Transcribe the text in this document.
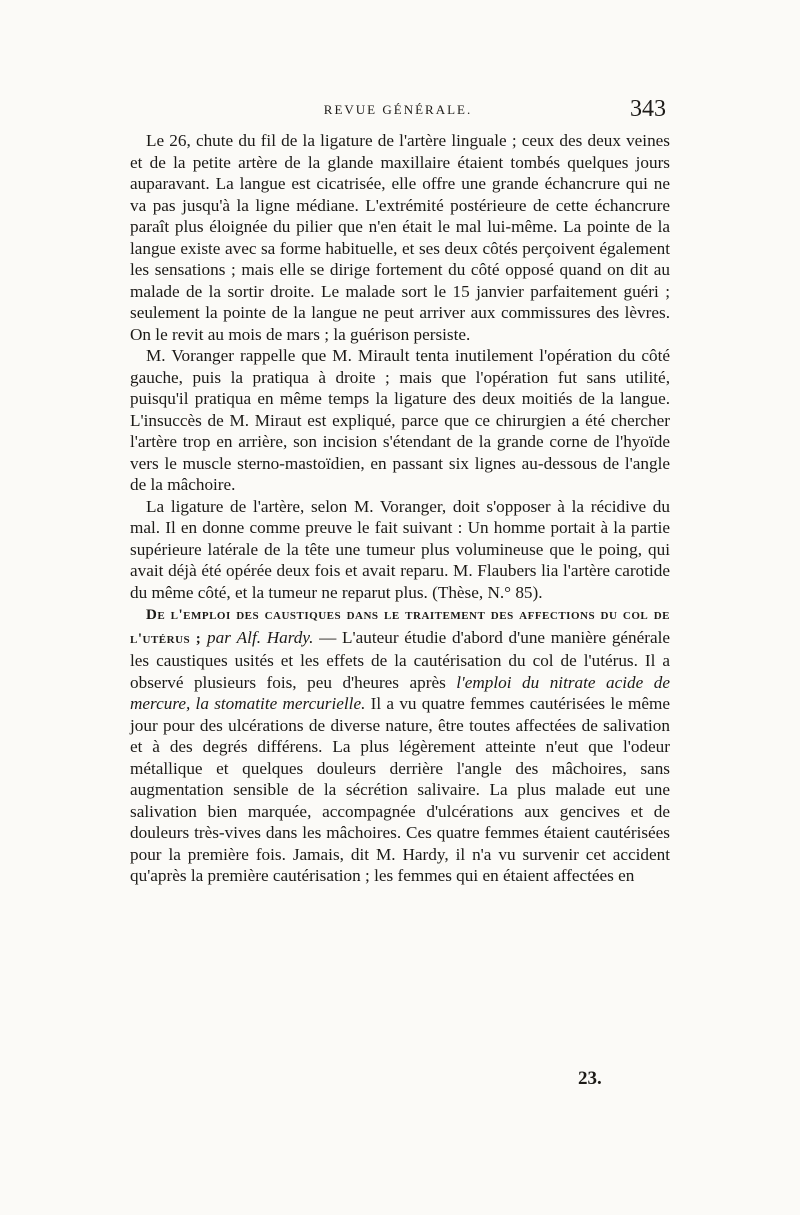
REVUE GÉNÉRALE.	343

Le 26, chute du fil de la ligature de l'artère linguale ; ceux des deux veines et de la petite artère de la glande maxillaire étaient tombés quelques jours auparavant. La langue est cicatrisée, elle offre une grande échancrure qui ne va pas jusqu'à la ligne médiane. L'extrémité postérieure de cette échancrure paraît plus éloignée du pilier que n'en était le mal lui-même. La pointe de la langue existe avec sa forme habituelle, et ses deux côtés perçoivent également les sensations ; mais elle se dirige fortement du côté opposé quand on dit au malade de la sortir droite. Le malade sort le 15 janvier parfaitement guéri ; seulement la pointe de la langue ne peut arriver aux commissures des lèvres. On le revit au mois de mars ; la guérison persiste.

M. Voranger rappelle que M. Mirault tenta inutilement l'opération du côté gauche, puis la pratiqua à droite ; mais que l'opération fut sans utilité, puisqu'il pratiqua en même temps la ligature des deux moitiés de la langue. L'insuccès de M. Miraut est expliqué, parce que ce chirurgien a été chercher l'artère trop en arrière, son incision s'étendant de la grande corne de l'hyoïde vers le muscle sterno-mastoïdien, en passant six lignes au-dessous de l'angle de la mâchoire.

La ligature de l'artère, selon M. Voranger, doit s'opposer à la récidive du mal. Il en donne comme preuve le fait suivant : Un homme portait à la partie supérieure latérale de la tête une tumeur plus volumineuse que le poing, qui avait déjà été opérée deux fois et avait reparu. M. Flaubers lia l'artère carotide du même côté, et la tumeur ne reparut plus. (Thèse, N.° 85).

De l'emploi des caustiques dans le traitement des affections du col de l'utérus ; par Alf. Hardy. — L'auteur étudie d'abord d'une manière générale les caustiques usités et les effets de la cautérisation du col de l'utérus. Il a observé plusieurs fois, peu d'heures après l'emploi du nitrate acide de mercure, la stomatite mercurielle. Il a vu quatre femmes cautérisées le même jour pour des ulcérations de diverse nature, être toutes affectées de salivation et à des degrés différens. La plus légèrement atteinte n'eut que l'odeur métallique et quelques douleurs derrière l'angle des mâchoires, sans augmentation sensible de la sécrétion salivaire. La plus malade eut une salivation bien marquée, accompagnée d'ulcérations aux gencives et de douleurs très-vives dans les mâchoires. Ces quatre femmes étaient cautérisées pour la première fois. Jamais, dit M. Hardy, il n'a vu survenir cet accident qu'après la première cautérisation ; les femmes qui en étaient affectées en

23.
